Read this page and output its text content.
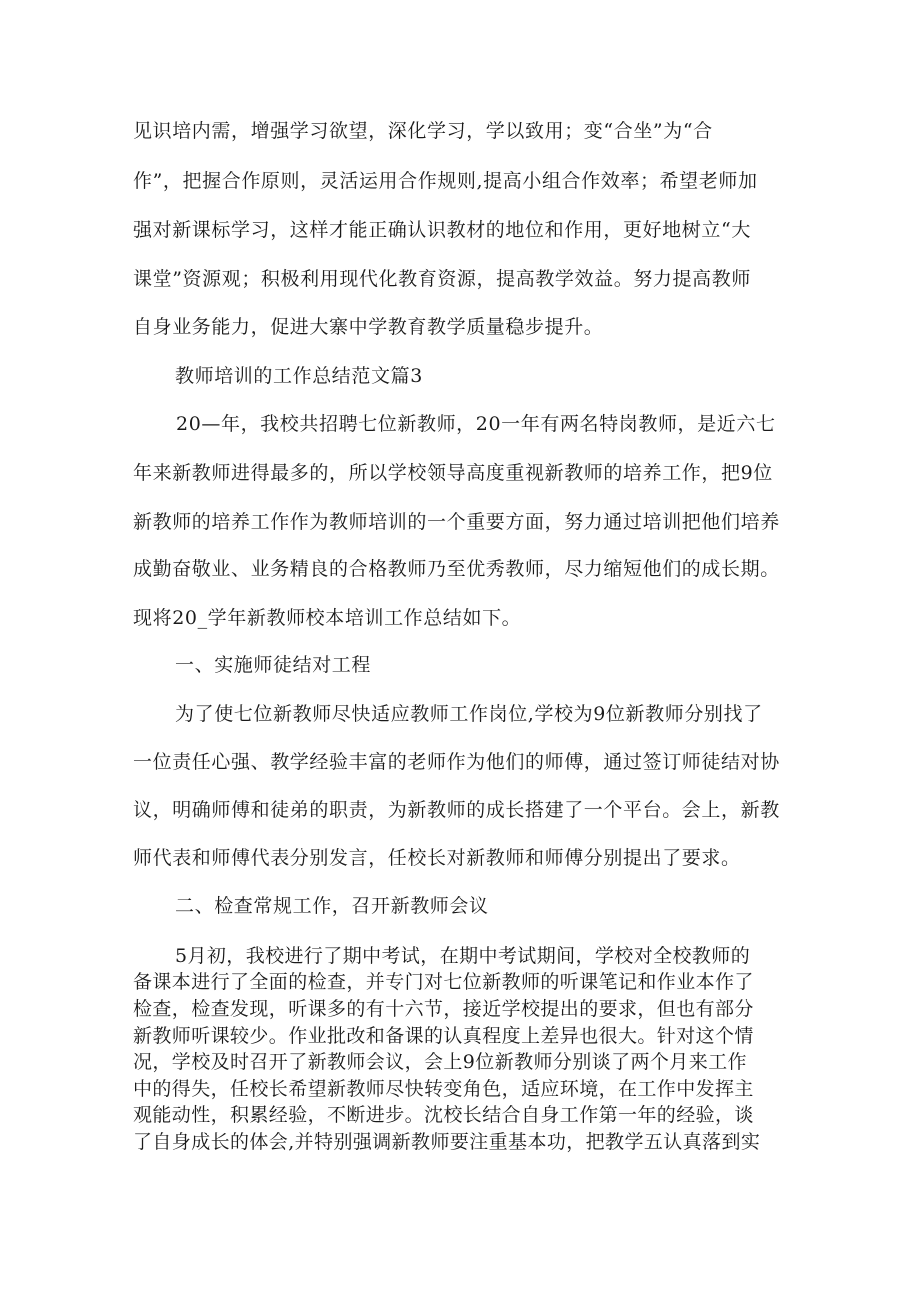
见识培内需，增强学习欲望，深化学习，学以致用；变“合坐”为“合
作”，把握合作原则，灵活运用合作规则,提高小组合作效率；希望老师加
强对新课标学习，这样才能正确认识教材的地位和作用，更好地树立“大
课堂”资源观；积极利用现代化教育资源，提高教学效益。努力提高教师
自身业务能力，促进大寨中学教育教学质量稳步提升。
教师培训的工作总结范文篇3
20—年，我校共招聘七位新教师，20一年有两名特岗教师，是近六七
年来新教师进得最多的，所以学校领导高度重视新教师的培养工作，把9位
新教师的培养工作作为教师培训的一个重要方面，努力通过培训把他们培养
成勤奋敬业、业务精良的合格教师乃至优秀教师，尽力缩短他们的成长期。
现将20_学年新教师校本培训工作总结如下。
一、实施师徒结对工程
为了使七位新教师尽快适应教师工作岗位,学校为9位新教师分别找了
一位责任心强、教学经验丰富的老师作为他们的师傅，通过签订师徒结对协
议，明确师傅和徒弟的职责，为新教师的成长搭建了一个平台。会上，新教
师代表和师傅代表分别发言，任校长对新教师和师傅分别提出了要求。
二、检查常规工作，召开新教师会议
5月初，我校进行了期中考试，在期中考试期间，学校对全校教师的
备课本进行了全面的检查，并专门对七位新教师的听课笔记和作业本作了
检查，检查发现，听课多的有十六节，接近学校提出的要求，但也有部分
新教师听课较少。作业批改和备课的认真程度上差异也很大。针对这个情
况，学校及时召开了新教师会议，会上9位新教师分别谈了两个月来工作
中的得失，任校长希望新教师尽快转变角色，适应环境，在工作中发挥主
观能动性，积累经验，不断进步。沈校长结合自身工作第一年的经验，谈
了自身成长的体会,并特别强调新教师要注重基本功，把教学五认真落到实
